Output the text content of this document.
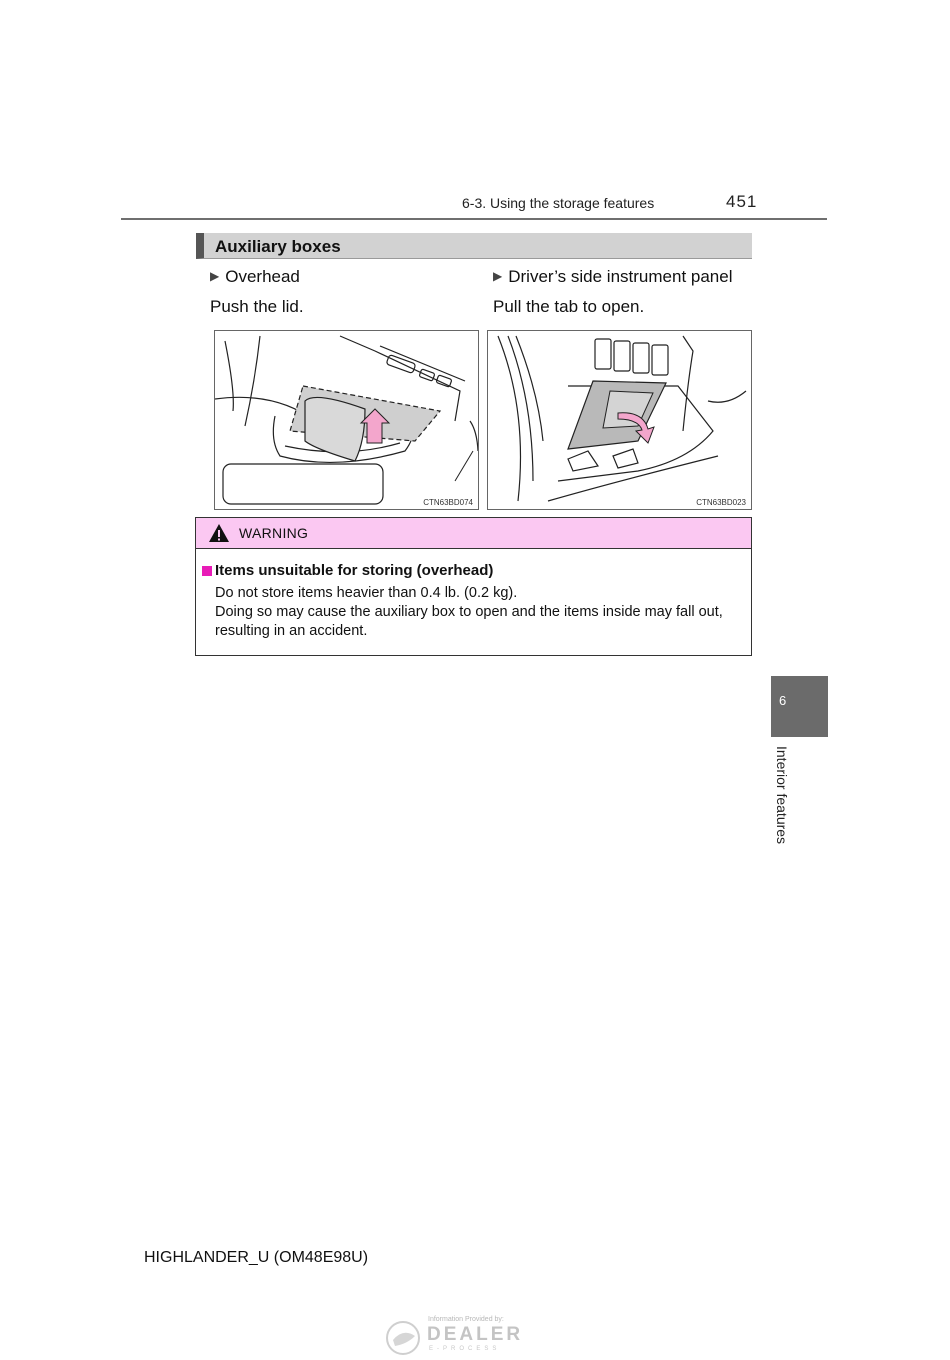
6-3. Using the storage features	451
Auxiliary boxes
▶ Overhead
Push the lid.
▶ Driver’s side instrument panel
Pull the tab to open.
CTN63BD074	CTN63BD023
WARNING
Items unsuitable for storing (overhead)
Do not store items heavier than 0.4 lb. (0.2 kg).
Doing so may cause the auxiliary box to open and the items inside may fall out, resulting in an accident.
6
Interior features
HIGHLANDER_U (OM48E98U)
Information Provided by:
DEALER
E-PROCESS
